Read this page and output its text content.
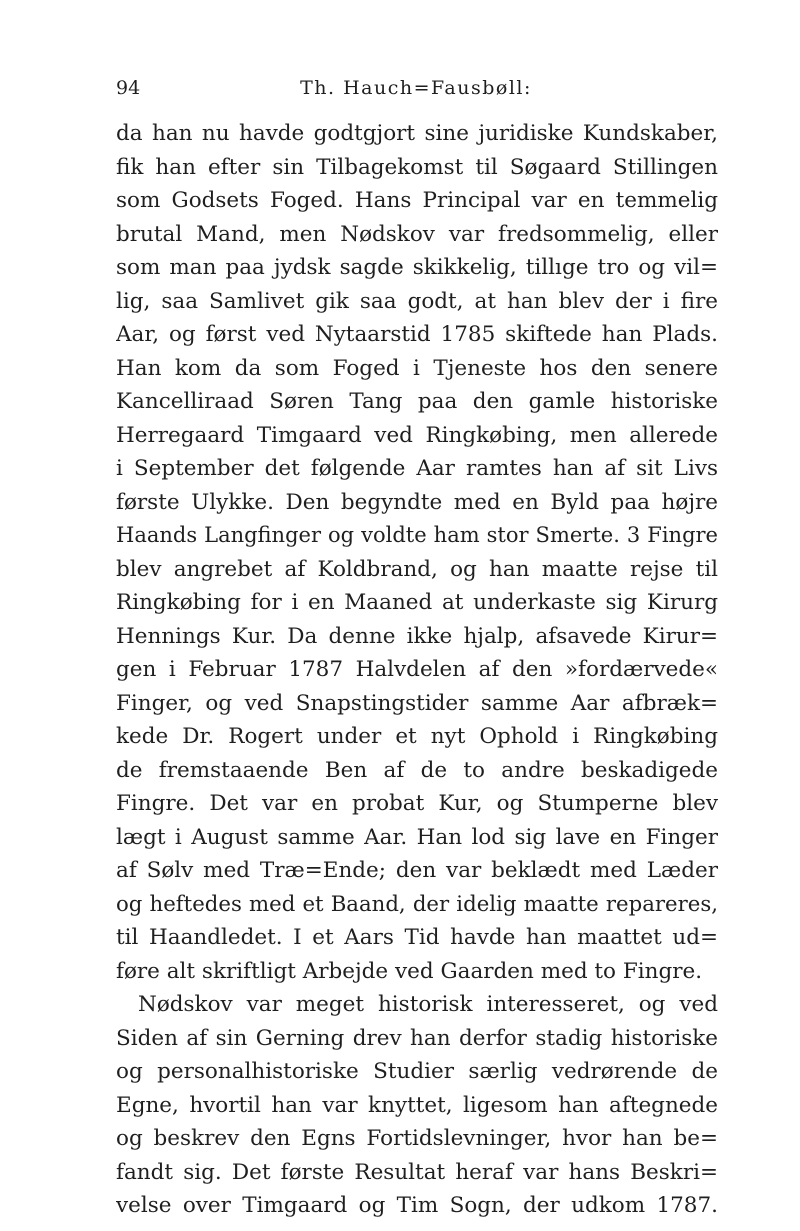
94	Th. Hauch=Fausbøll:
da han nu havde godtgjort sine juridiske Kundskaber,
fik han efter sin Tilbagekomst til Søgaard Stillingen
som Godsets Foged. Hans Principal var en temmelig
brutal Mand, men Nødskov var fredsommelig, eller
som man paa jydsk sagde skikkelig, tillıge tro og vil=
lig, saa Samlivet gik saa godt, at han blev der i fire
Aar, og først ved Nytaarstid 1785 skiftede han Plads.
Han kom da som Foged i Tjeneste hos den senere
Kancelliraad Søren Tang paa den gamle historiske
Herregaard Timgaard ved Ringkøbing, men allerede
i September det følgende Aar ramtes han af sit Livs
første Ulykke. Den begyndte med en Byld paa højre
Haands Langfinger og voldte ham stor Smerte. 3 Fingre
blev angrebet af Koldbrand, og han maatte rejse til
Ringkøbing for i en Maaned at underkaste sig Kirurg
Hennings Kur. Da denne ikke hjalp, afsavede Kirur=
gen i Februar 1787 Halvdelen af den »fordærvede«
Finger, og ved Snapstingstider samme Aar afbræk=
kede Dr. Rogert under et nyt Ophold i Ringkøbing
de fremstaaende Ben af de to andre beskadigede
Fingre. Det var en probat Kur, og Stumperne blev
lægt i August samme Aar. Han lod sig lave en Finger
af Sølv med Træ=Ende; den var beklædt med Læder
og heftedes med et Baand, der idelig maatte repareres,
til Haandledet. I et Aars Tid havde han maattet ud=
føre alt skriftligt Arbejde ved Gaarden med to Fingre.
Nødskov var meget historisk interesseret, og ved
Siden af sin Gerning drev han derfor stadig historiske
og personalhistoriske Studier særlig vedrørende de
Egne, hvortil han var knyttet, ligesom han aftegnede
og beskrev den Egns Fortidslevninger, hvor han be=
fandt sig. Det første Resultat heraf var hans Beskri=
velse over Timgaard og Tim Sogn, der udkom 1787.
